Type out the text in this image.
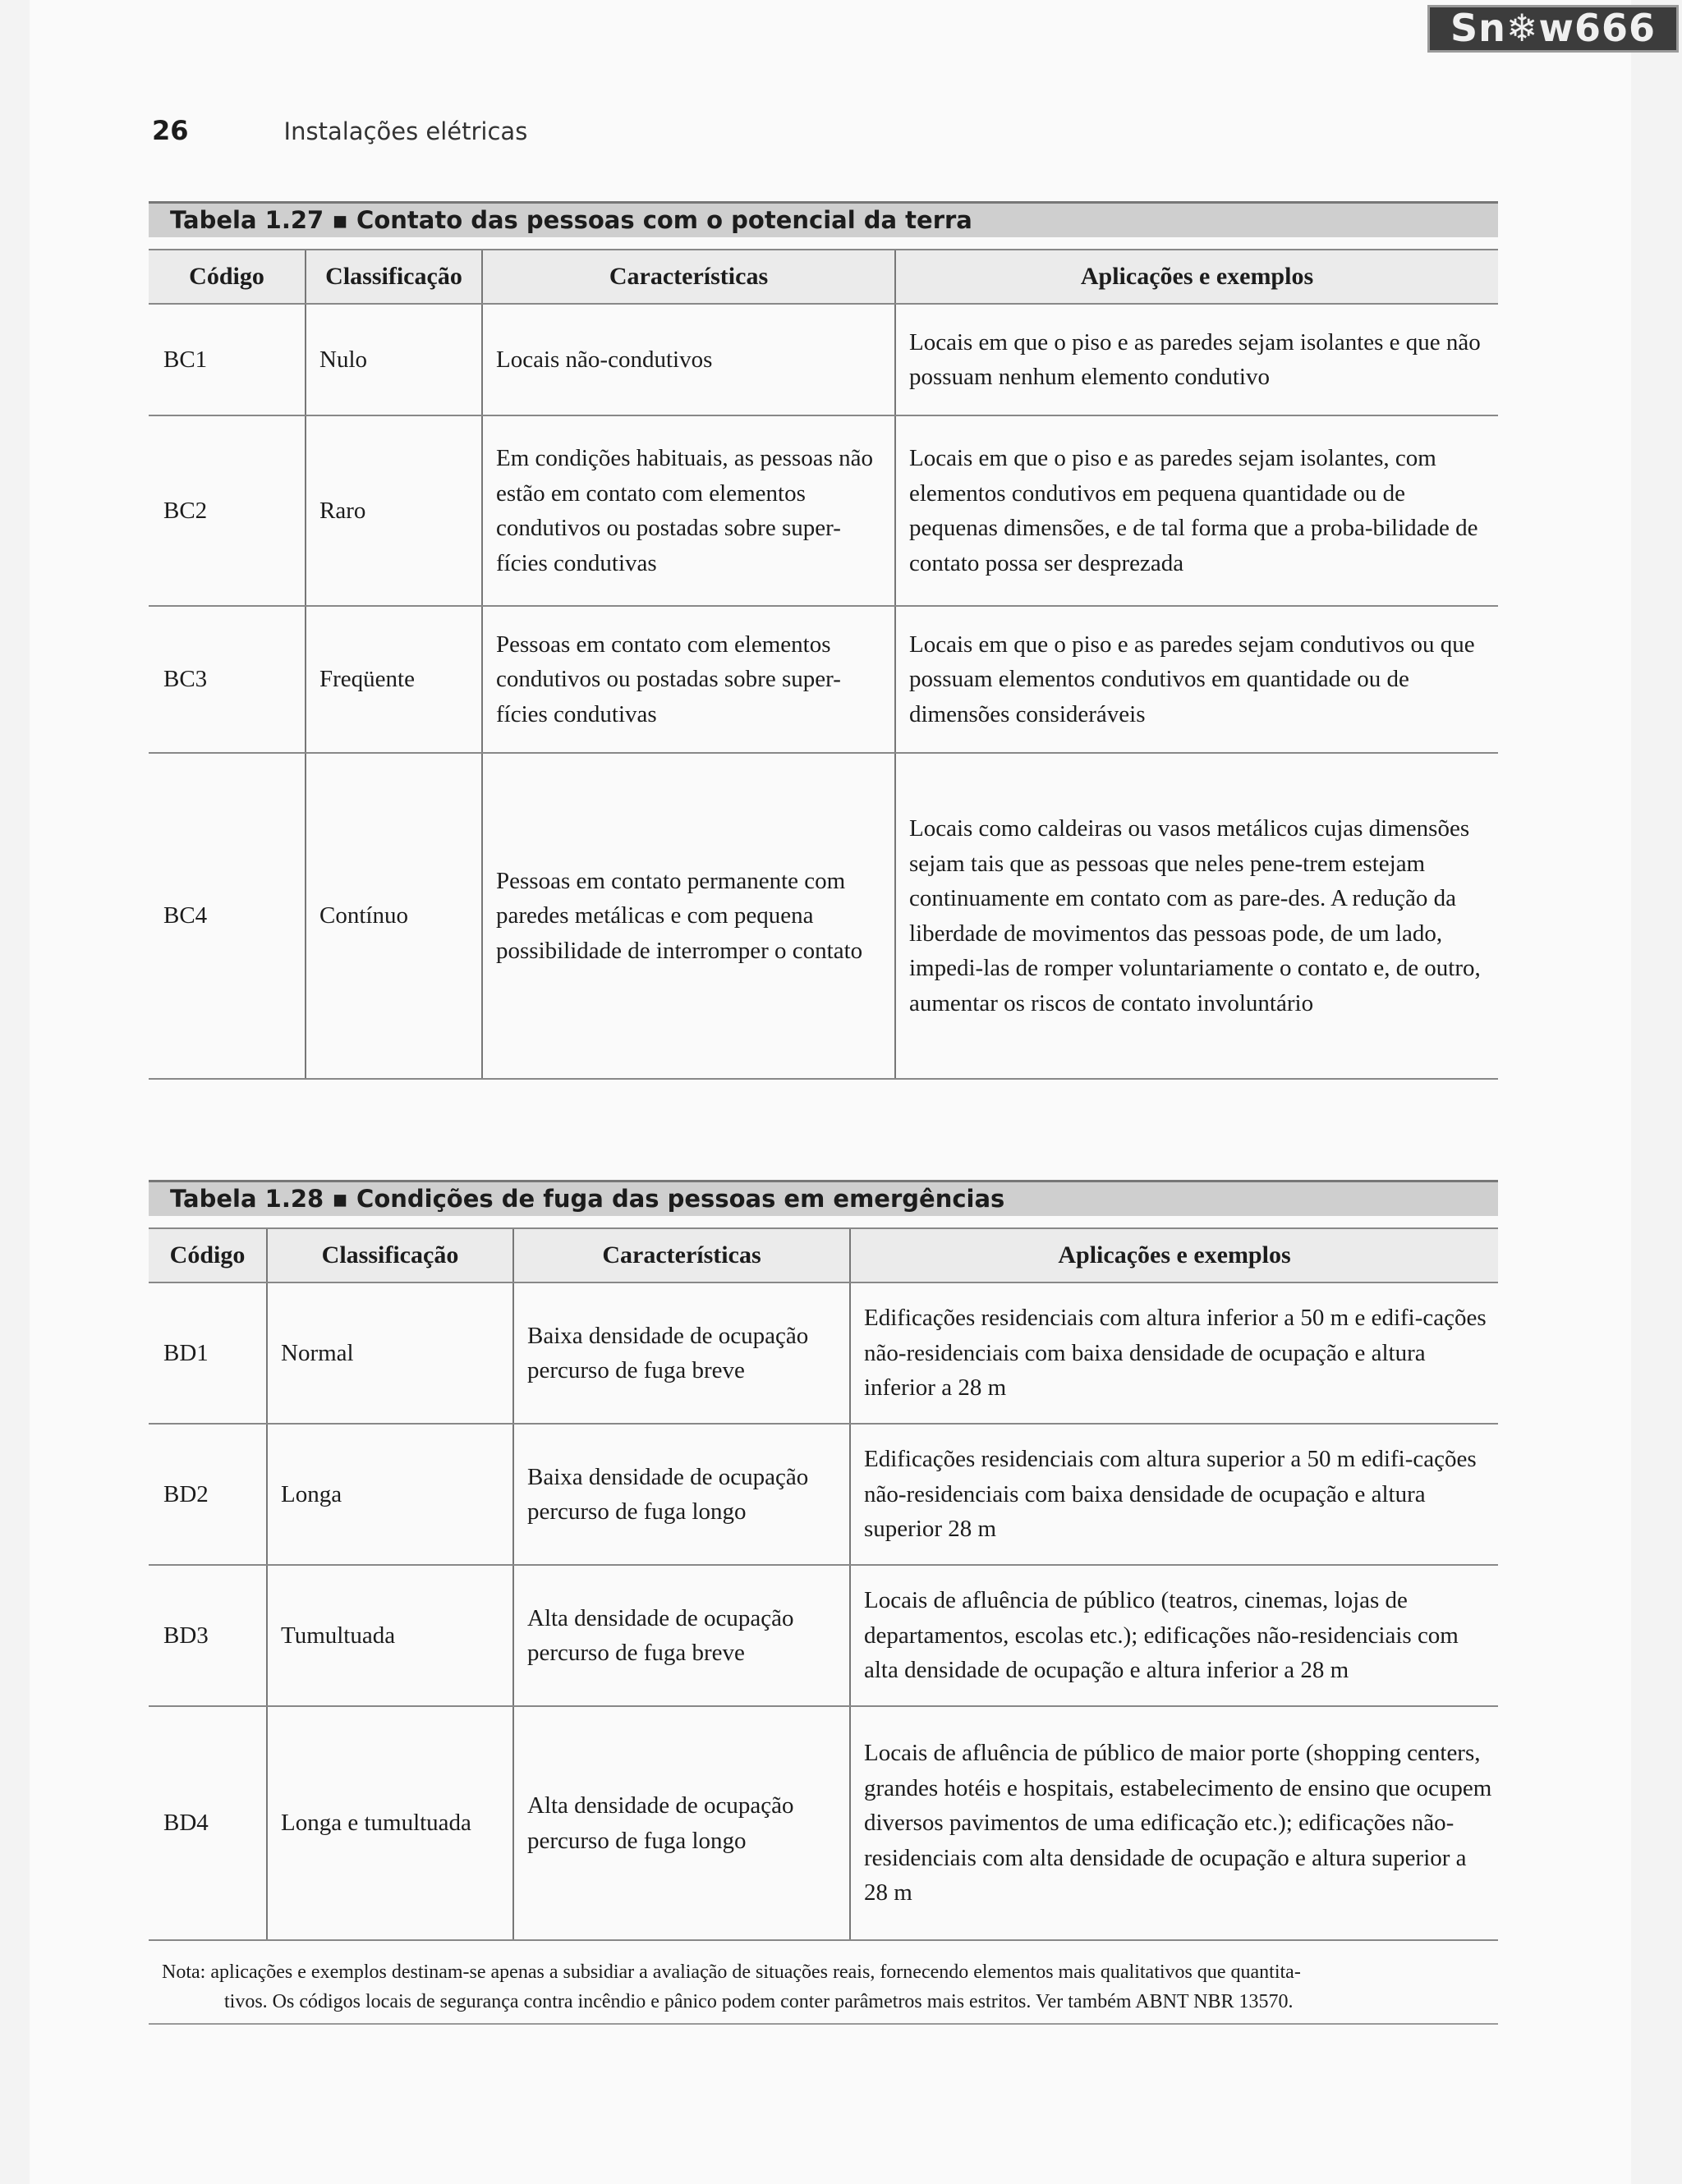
Sn❄w666
26	Instalações elétricas
Tabela 1.27 ▪ Contato das pessoas com o potencial da terra
Código	Classificação	Características	Aplicações e exemplos
BC1	Nulo	Locais não-condutivos	Locais em que o piso e as paredes sejam isolantes e que não possuam nenhum elemento condutivo
BC2	Raro	Em condições habituais, as pessoas não estão em contato com elementos condutivos ou postadas sobre super-fícies condutivas	Locais em que o piso e as paredes sejam isolantes, com elementos condutivos em pequena quantidade ou de pequenas dimensões, e de tal forma que a proba-bilidade de contato possa ser desprezada
BC3	Freqüente	Pessoas em contato com elementos condutivos ou postadas sobre super-fícies condutivas	Locais em que o piso e as paredes sejam condutivos ou que possuam elementos condutivos em quantidade ou de dimensões consideráveis
BC4	Contínuo	Pessoas em contato permanente com paredes metálicas e com pequena possibilidade de interromper o contato	Locais como caldeiras ou vasos metálicos cujas dimensões sejam tais que as pessoas que neles pene-trem estejam continuamente em contato com as pare-des. A redução da liberdade de movimentos das pessoas pode, de um lado, impedi-las de romper voluntariamente o contato e, de outro, aumentar os riscos de contato involuntário
Tabela 1.28 ▪ Condições de fuga das pessoas em emergências
Código	Classificação	Características	Aplicações e exemplos
BD1	Normal	Baixa densidade de ocupação percurso de fuga breve	Edificações residenciais com altura inferior a 50 m e edifi-cações não-residenciais com baixa densidade de ocupação e altura inferior a 28 m
BD2	Longa	Baixa densidade de ocupação percurso de fuga longo	Edificações residenciais com altura superior a 50 m edifi-cações não-residenciais com baixa densidade de ocupação e altura superior 28 m
BD3	Tumultuada	Alta densidade de ocupação percurso de fuga breve	Locais de afluência de público (teatros, cinemas, lojas de departamentos, escolas etc.); edificações não-residenciais com alta densidade de ocupação e altura inferior a 28 m
BD4	Longa e tumultuada	Alta densidade de ocupação percurso de fuga longo	Locais de afluência de público de maior porte (shopping centers, grandes hotéis e hospitais, estabelecimento de ensino que ocupem diversos pavimentos de uma edificação etc.); edificações não-residenciais com alta densidade de ocupação e altura superior a 28 m

Nota: aplicações e exemplos destinam-se apenas a subsidiar a avaliação de situações reais, fornecendo elementos mais qualitativos que quantita-

tivos. Os códigos locais de segurança contra incêndio e pânico podem conter parâmetros mais estritos. Ver também ABNT NBR 13570.
